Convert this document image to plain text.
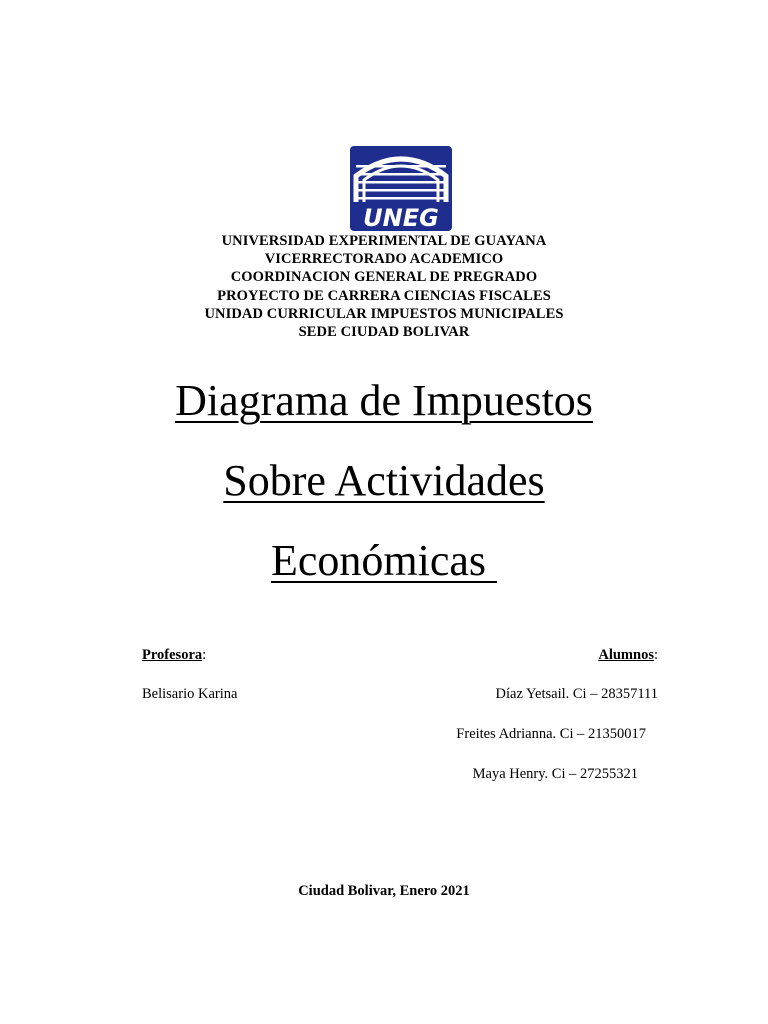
UNEG
UNIVERSIDAD EXPERIMENTAL DE GUAYANA
VICERRECTORADO ACADEMICO
COORDINACION GENERAL DE PREGRADO
PROYECTO DE CARRERA CIENCIAS FISCALES
UNIDAD CURRICULAR IMPUESTOS MUNICIPALES
SEDE CIUDAD BOLIVAR
Diagrama de Impuestos
Sobre Actividades
Económicas
Profesora:
Belisario Karina
Alumnos:
Díaz Yetsail. Ci – 28357111
Freites Adrianna. Ci – 21350017
Maya Henry. Ci – 27255321
Ciudad Bolivar, Enero 2021
